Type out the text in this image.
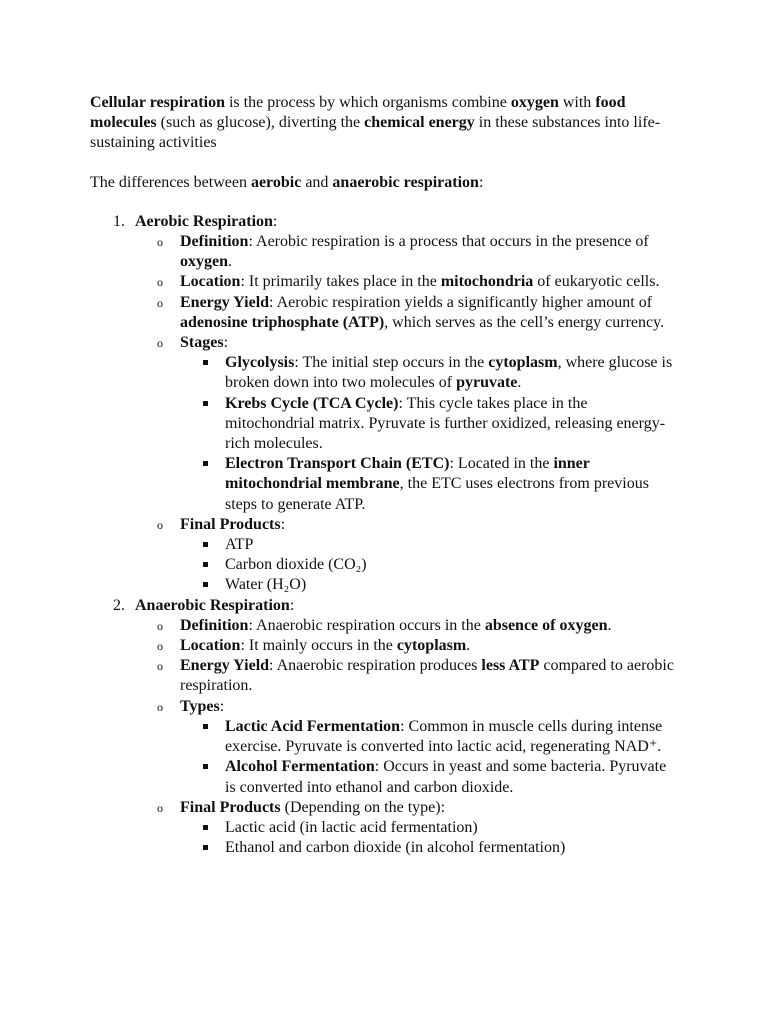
Cellular respiration is the process by which organisms combine oxygen with food molecules (such as glucose), diverting the chemical energy in these substances into life-sustaining activities

The differences between aerobic and anaerobic respiration:

1. Aerobic Respiration:
o Definition: Aerobic respiration is a process that occurs in the presence of oxygen.
o Location: It primarily takes place in the mitochondria of eukaryotic cells.
o Energy Yield: Aerobic respiration yields a significantly higher amount of adenosine triphosphate (ATP), which serves as the cell’s energy currency.
o Stages:
Glycolysis: The initial step occurs in the cytoplasm, where glucose is broken down into two molecules of pyruvate.
Krebs Cycle (TCA Cycle): This cycle takes place in the mitochondrial matrix. Pyruvate is further oxidized, releasing energy-rich molecules.
Electron Transport Chain (ETC): Located in the inner mitochondrial membrane, the ETC uses electrons from previous steps to generate ATP.
o Final Products:
ATP
Carbon dioxide (CO₂)
Water (H₂O)
2. Anaerobic Respiration:
o Definition: Anaerobic respiration occurs in the absence of oxygen.
o Location: It mainly occurs in the cytoplasm.
o Energy Yield: Anaerobic respiration produces less ATP compared to aerobic respiration.
o Types:
Lactic Acid Fermentation: Common in muscle cells during intense exercise. Pyruvate is converted into lactic acid, regenerating NAD⁺.
Alcohol Fermentation: Occurs in yeast and some bacteria. Pyruvate is converted into ethanol and carbon dioxide.
o Final Products (Depending on the type):
Lactic acid (in lactic acid fermentation)
Ethanol and carbon dioxide (in alcohol fermentation)
